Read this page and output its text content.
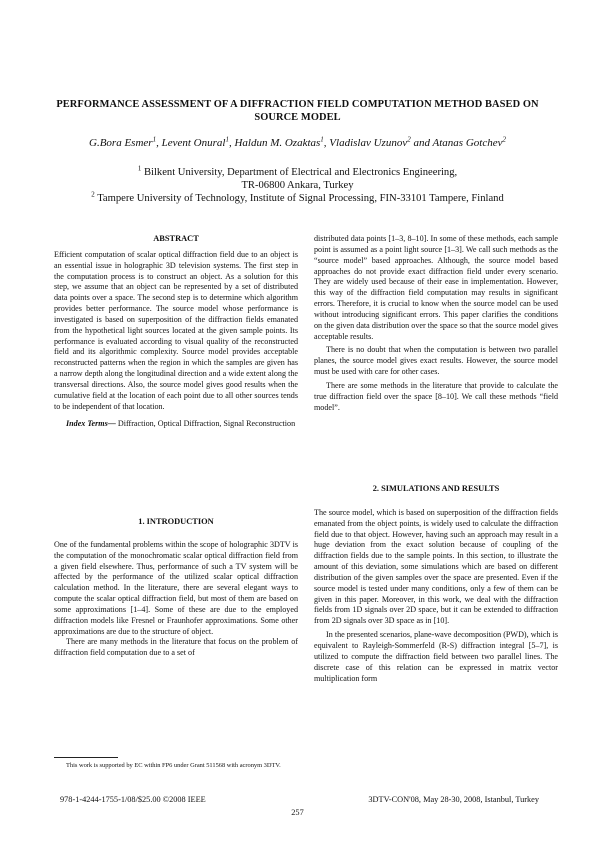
PERFORMANCE ASSESSMENT OF A DIFFRACTION FIELD COMPUTATION METHOD BASED ON SOURCE MODEL
G.Bora Esmer$^1$, Levent Onural$^1$, Haldun M. Ozaktas$^1$, Vladislav Uzunov$^2$ and Atanas Gotchev$^2$
$^1$ Bilkent University, Department of Electrical and Electronics Engineering,
TR-06800 Ankara, Turkey
$^2$ Tampere University of Technology, Institute of Signal Processing, FIN-33101 Tampere, Finland

ABSTRACT

Efficient computation of scalar optical diffraction field due to an object is an essential issue in holographic 3D television systems. The first step in the computation process is to construct an object. As a solution for this step, we assume that an object can be represented by a set of distributed data points over a space. The second step is to determine which algorithm provides better performance. The source model whose performance is investigated is based on superposition of the diffraction fields emanated from the hypothetical light sources located at the given sample points. Its performance is evaluated according to visual quality of the reconstructed field and its algorithmic complexity. Source model provides acceptable reconstructed patterns when the region in which the samples are given has a narrow depth along the longitudinal direction and a wide extent along the transversal directions. Also, the source model gives good results when the cumulative field at the location of each point due to all other sources tends to be independent of that location.

Index Terms— Diffraction, Optical Diffraction, Signal Reconstruction

1. INTRODUCTION

One of the fundamental problems within the scope of holographic 3DTV is the computation of the monochromatic scalar optical diffraction field from a given field elsewhere. Thus, performance of such a TV system will be affected by the performance of the utilized scalar optical diffraction calculation method. In the literature, there are several elegant ways to compute the scalar optical diffraction field, but most of them are based on some approximations [1–4]. Some of these are due to the employed diffraction models like Fresnel or Fraunhofer approximations. Some other approximations are due to the structure of object.

There are many methods in the literature that focus on the problem of diffraction field computation due to a set of

This work is supported by EC within FP6 under Grant 511568 with acronym 3DTV.

distributed data points [1–3, 8–10]. In some of these methods, each sample point is assumed as a point light source [1–3]. We call such methods as the “source model” based approaches. Although, the source model based approaches do not provide exact diffraction field under every scenario. They are widely used because of their ease in implementation. However, this way of the diffraction field computation may results in significant errors. Therefore, it is crucial to know when the source model can be used without introducing significant errors. This paper clarifies the conditions on the given data distribution over the space so that the source model gives acceptable results.

There is no doubt that when the computation is between two parallel planes, the source model gives exact results. However, the source model must be used with care for other cases.

There are some methods in the literature that provide to calculate the true diffraction field over the space [8–10]. We call these methods “field model”.

2. SIMULATIONS AND RESULTS

The source model, which is based on superposition of the diffraction fields emanated from the object points, is widely used to calculate the diffraction field due to that object. However, having such an approach may result in a huge deviation from the exact solution because of coupling of the diffraction fields due to the sample points. In this section, to illustrate the amount of this deviation, some simulations which are based on different distribution of the given samples over the space are presented. Even if the source model is tested under many conditions, only a few of them can be given in this paper. Moreover, in this work, we deal with the diffraction fields from 1D signals over 2D space, but it can be extended to diffraction from 2D signals over 3D space as in [10].

In the presented scenarios, plane-wave decomposition (PWD), which is equivalent to Rayleigh-Sommerfeld (R-S) diffraction integral [5–7], is utilized to compute the diffraction field between two parallel lines. The discrete case of this relation can be expressed in matrix vector multiplication form

978-1-4244-1755-1/08/$25.00 ©2008 IEEE	3DTV-CON'08, May 28-30, 2008, Istanbul, Turkey
257
